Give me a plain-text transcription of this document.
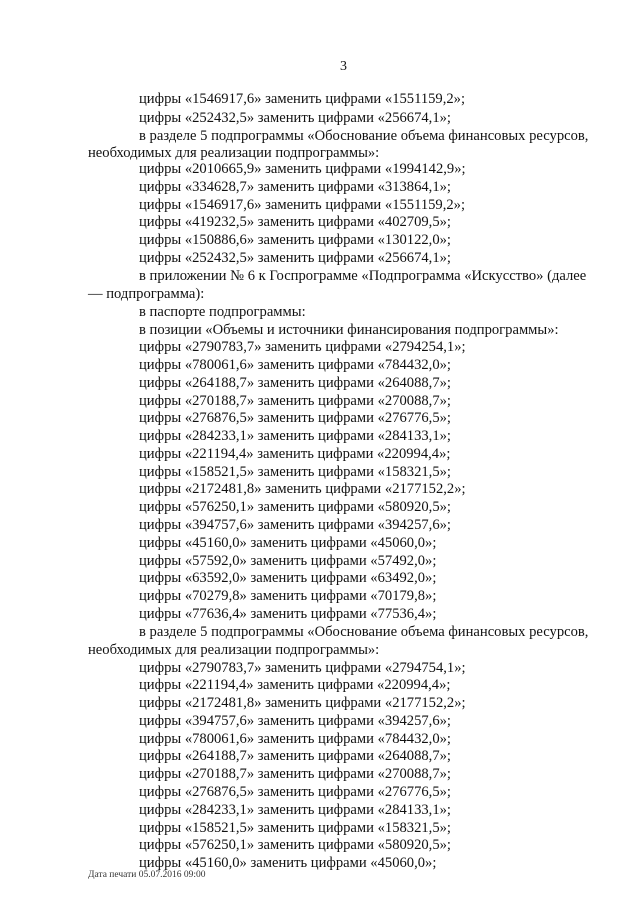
3
цифры «1546917,6» заменить цифрами «1551159,2»;
цифры «252432,5» заменить цифрами «256674,1»;
в разделе 5 подпрограммы «Обоснование объема финансовых ресурсов,
необходимых для реализации подпрограммы»:
цифры «2010665,9» заменить цифрами «1994142,9»;
цифры «334628,7» заменить цифрами «313864,1»;
цифры «1546917,6» заменить цифрами «1551159,2»;
цифры «419232,5» заменить цифрами «402709,5»;
цифры «150886,6» заменить цифрами «130122,0»;
цифры «252432,5» заменить цифрами «256674,1»;
в приложении № 6 к Госпрограмме «Подпрограмма «Искусство» (далее
— подпрограмма):
в паспорте подпрограммы:
в позиции «Объемы и источники финансирования подпрограммы»:
цифры «2790783,7» заменить цифрами «2794254,1»;
цифры «780061,6» заменить цифрами «784432,0»;
цифры «264188,7» заменить цифрами «264088,7»;
цифры «270188,7» заменить цифрами «270088,7»;
цифры «276876,5» заменить цифрами «276776,5»;
цифры «284233,1» заменить цифрами «284133,1»;
цифры «221194,4» заменить цифрами «220994,4»;
цифры «158521,5» заменить цифрами «158321,5»;
цифры «2172481,8» заменить цифрами «2177152,2»;
цифры «576250,1» заменить цифрами «580920,5»;
цифры «394757,6» заменить цифрами «394257,6»;
цифры «45160,0» заменить цифрами «45060,0»;
цифры «57592,0» заменить цифрами «57492,0»;
цифры «63592,0» заменить цифрами «63492,0»;
цифры «70279,8» заменить цифрами «70179,8»;
цифры «77636,4» заменить цифрами «77536,4»;
в разделе 5 подпрограммы «Обоснование объема финансовых ресурсов,
необходимых для реализации подпрограммы»:
цифры «2790783,7» заменить цифрами «2794754,1»;
цифры «221194,4» заменить цифрами «220994,4»;
цифры «2172481,8» заменить цифрами «2177152,2»;
цифры «394757,6» заменить цифрами «394257,6»;
цифры «780061,6» заменить цифрами «784432,0»;
цифры «264188,7» заменить цифрами «264088,7»;
цифры «270188,7» заменить цифрами «270088,7»;
цифры «276876,5» заменить цифрами «276776,5»;
цифры «284233,1» заменить цифрами «284133,1»;
цифры «158521,5» заменить цифрами «158321,5»;
цифры «576250,1» заменить цифрами «580920,5»;
цифры «45160,0» заменить цифрами «45060,0»;
Дата печати 05.07.2016 09:00
